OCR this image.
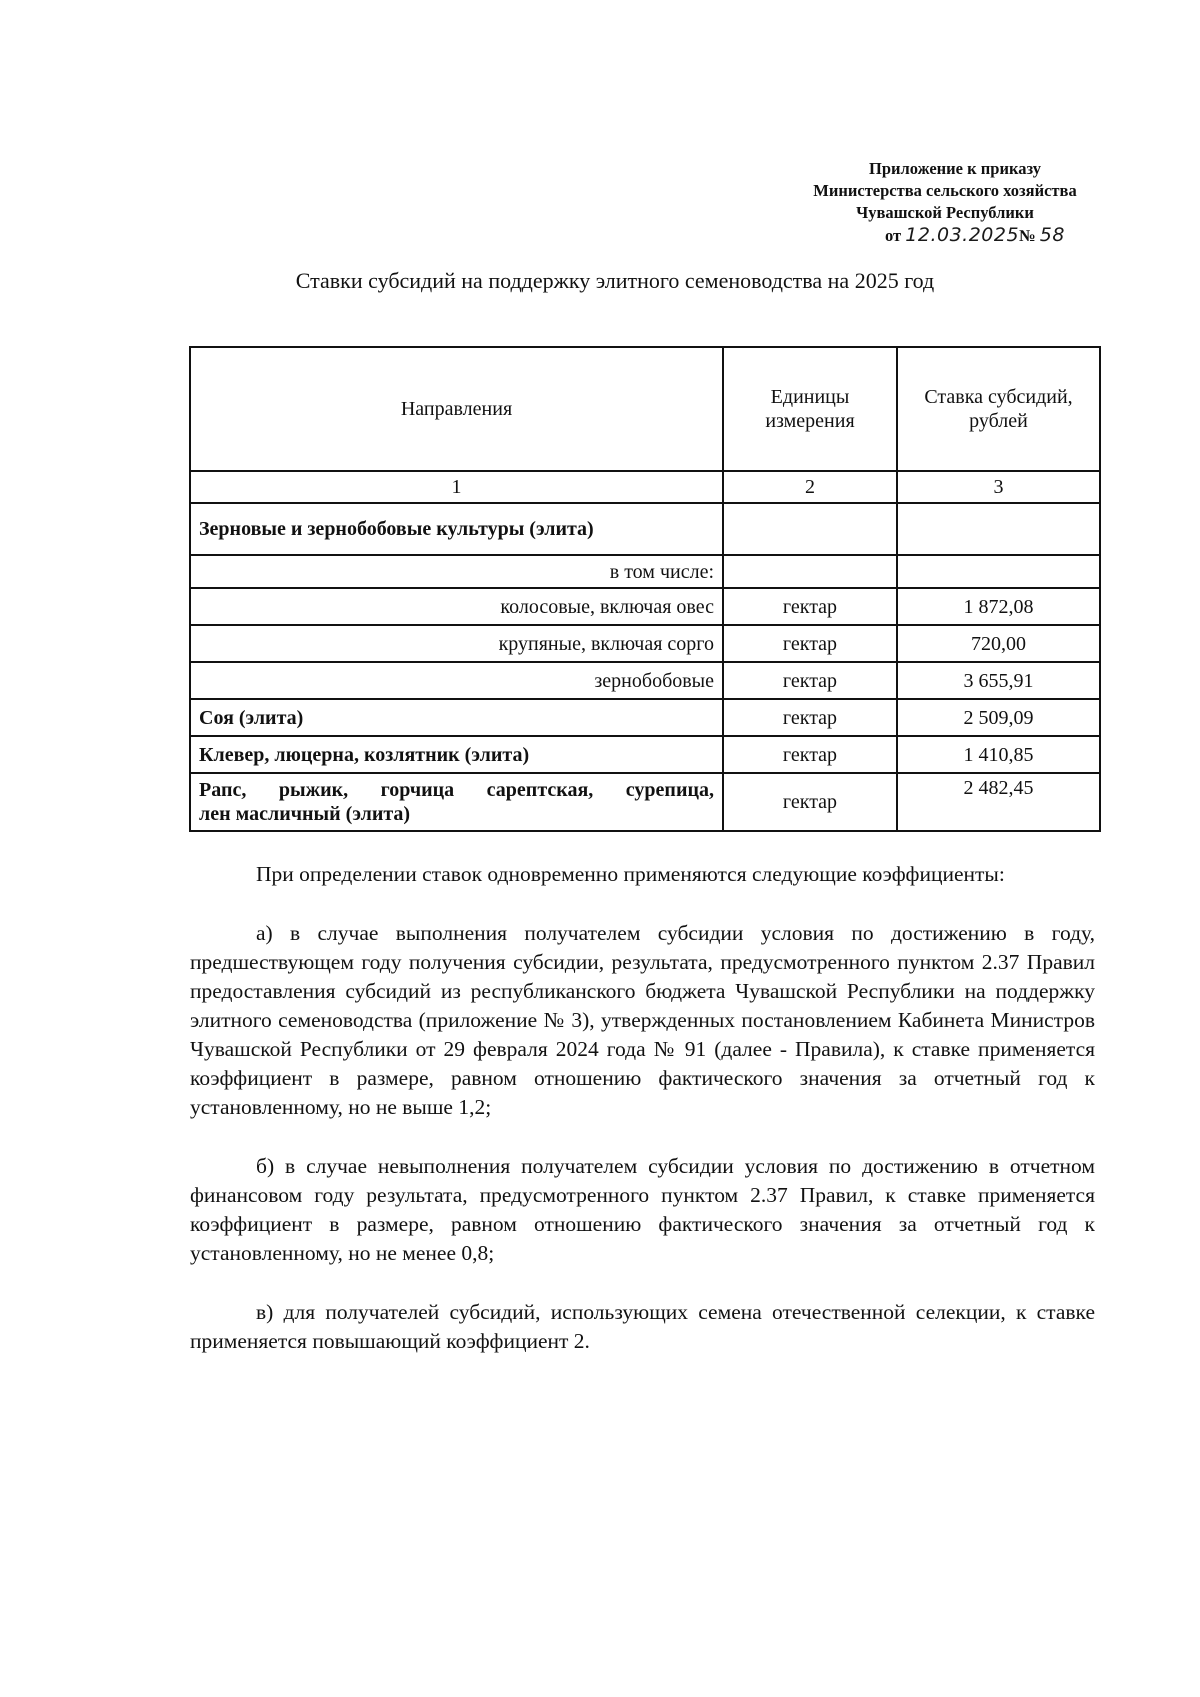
Приложение к приказу
Министерства сельского хозяйства
Чувашской Республики
от 12.03.2025№ 58
Ставки субсидий на поддержку элитного семеноводства на 2025 год
Направления	Единицы измерения	Ставка субсидий, рублей

1	2	3
Зерновые и зернобобовые культуры (элита)		
в том числе:		
колосовые, включая овес	гектар	1 872,08
крупяные, включая сорго	гектар	720,00
зернобобовые	гектар	3 655,91
Соя (элита)	гектар	2 509,09
Клевер, люцерна, козлятник (элита)	гектар	1 410,85

Рапс, рыжик, горчица сарептская, сурепица,
лен масличный (элита)	гектар	2 482,45

При определении ставок одновременно применяются следующие коэффициенты:

а) в случае выполнения получателем субсидии условия по достижению в году, предшествующем году получения субсидии, результата, предусмотренного пунктом 2.37 Правил предоставления субсидий из республиканского бюджета Чувашской Республики на поддержку элитного семеноводства (приложение № 3), утвержденных постановлением Кабинета Министров Чувашской Республики от 29 февраля 2024 года № 91 (далее - Правила), к ставке применяется коэффициент в размере, равном отношению фактического значения за отчетный год к установленному, но не выше 1,2;

б) в случае невыполнения получателем субсидии условия по достижению в отчетном финансовом году результата, предусмотренного пунктом 2.37 Правил, к ставке применяется коэффициент в размере, равном отношению фактического значения за отчетный год к установленному, но не менее 0,8;

в) для получателей субсидий, использующих семена отечественной селекции, к ставке применяется повышающий коэффициент 2.
